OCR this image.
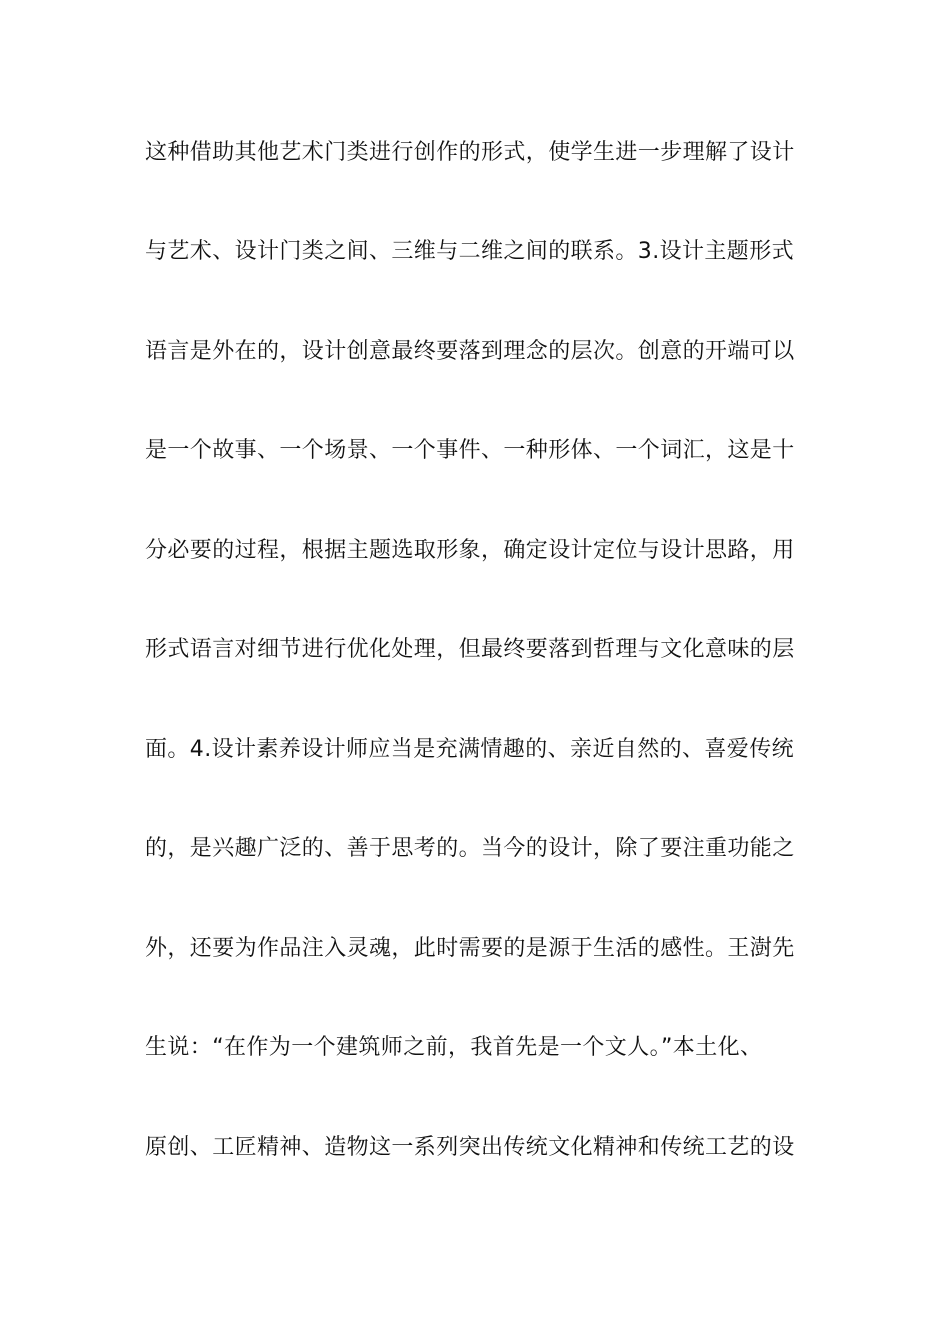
这种借助其他艺术门类进行创作的形式，使学生进一步理解了设计
与艺术、设计门类之间、三维与二维之间的联系。3.设计主题形式
语言是外在的，设计创意最终要落到理念的层次。创意的开端可以
是一个故事、一个场景、一个事件、一种形体、一个词汇，这是十
分必要的过程，根据主题选取形象，确定设计定位与设计思路，用
形式语言对细节进行优化处理，但最终要落到哲理与文化意味的层
面。4.设计素养设计师应当是充满情趣的、亲近自然的、喜爱传统
的，是兴趣广泛的、善于思考的。当今的设计，除了要注重功能之
外，还要为作品注入灵魂，此时需要的是源于生活的感性。王澍先
生说：“在作为一个建筑师之前，我首先是一个文人。”本土化、
原创、工匠精神、造物这一系列突出传统文化精神和传统工艺的设
